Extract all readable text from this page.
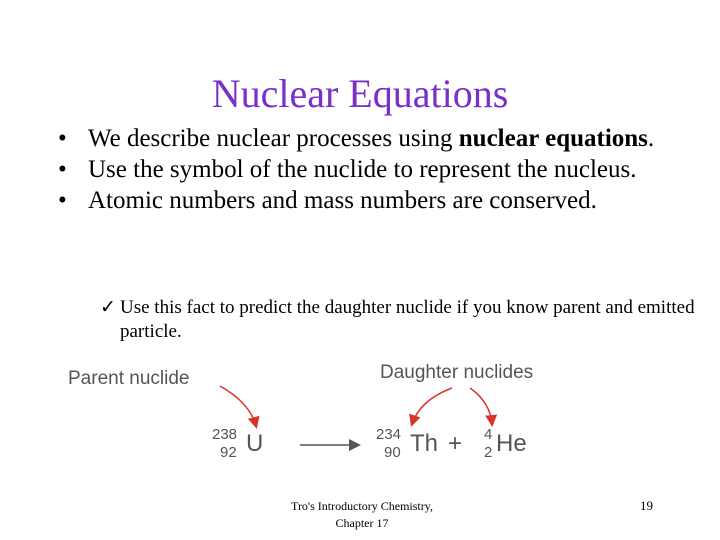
Nuclear Equations
• We describe nuclear processes using nuclear equations.
• Use the symbol of the nuclide to represent the nucleus.
• Atomic numbers and mass numbers are conserved.
✓ Use this fact to predict the daughter nuclide if you know parent and emitted particle.
Parent nuclide	Daughter nuclides
238
92 U	234
90 Th + 4
2 He
Tro's Introductory Chemistry,
Chapter 17
19
